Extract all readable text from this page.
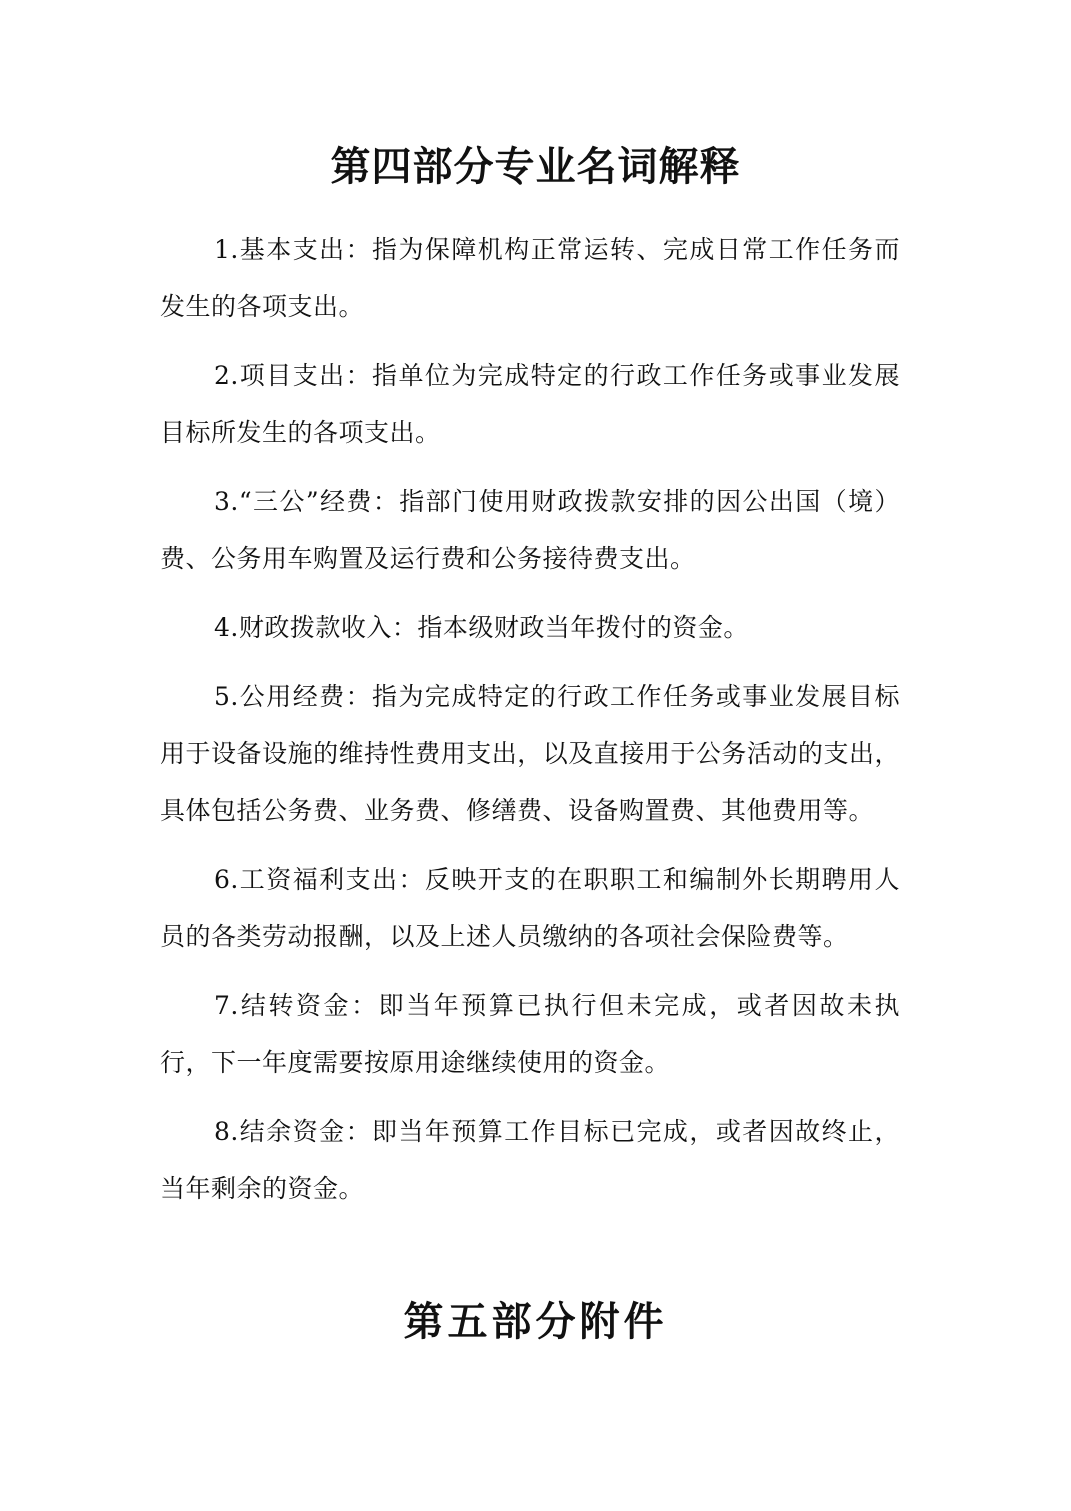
第四部分专业名词解释

1.基本支出：指为保障机构正常运转、完成日常工作任务而发生的各项支出。

2.项目支出：指单位为完成特定的行政工作任务或事业发展目标所发生的各项支出。

3.“三公”经费：指部门使用财政拨款安排的因公出国（境）费、公务用车购置及运行费和公务接待费支出。

4.财政拨款收入：指本级财政当年拨付的资金。

5.公用经费：指为完成特定的行政工作任务或事业发展目标用于设备设施的维持性费用支出，以及直接用于公务活动的支出，具体包括公务费、业务费、修缮费、设备购置费、其他费用等。

6.工资福利支出：反映开支的在职职工和编制外长期聘用人员的各类劳动报酬，以及上述人员缴纳的各项社会保险费等。

7.结转资金：即当年预算已执行但未完成，或者因故未执行，下一年度需要按原用途继续使用的资金。

8.结余资金：即当年预算工作目标已完成，或者因故终止，当年剩余的资金。

第五部分附件
